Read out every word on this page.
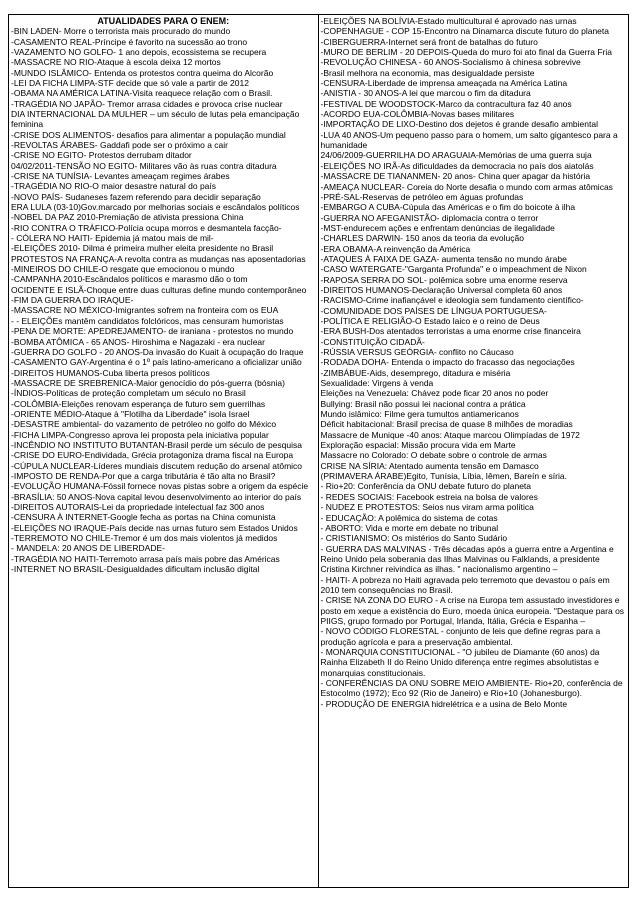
ATUALIDADES PARA O ENEM:

-BIN LADEN- Morre o terrorista mais procurado do mundo

-CASAMENTO REAL-Príncipe é favorito na sucessão ao trono

-VAZAMENTO NO GOLFO- 1 ano depois, ecossistema se recupera

-MASSACRE NO RIO-Ataque à escola deixa 12 mortos

-MUNDO ISLÂMICO- Entenda os protestos contra queima do Alcorão

-LEI DA FICHA LIMPA-STF decide que só vale a partir de 2012

-OBAMA NA AMÉRICA LATINA-Visita reaquece relação com o Brasil.

-TRAGÉDIA NO JAPÃO- Tremor arrasa cidades e provoca crise nuclear

DIA INTERNACIONAL DA MULHER – um século de lutas pela emancipação feminina

-CRISE DOS ALIMENTOS- desafios para alimentar a população mundial

-REVOLTAS ÁRABES- Gaddafi pode ser o próximo a cair

-CRISE NO EGITO- Protestos derrubam ditador

04/02/2011-TENSÃO NO EGITO- Militares vão às ruas contra ditadura

-CRISE NA TUNÍSIA- Levantes ameaçam regimes árabes

-TRAGÉDIA NO RIO-O maior desastre natural do país

-NOVO PAÍS- Sudaneses fazem referendo para decidir separação

ERA LULA (03-10)Gov.marcado por melhorias sociais e escândalos políticos

-NOBEL DA PAZ 2010-Premiação de ativista pressiona China

-RIO CONTRA O TRÁFICO-Polícia ocupa morros e desmantela facção-

- CÓLERA NO HAITI- Epidemia já matou mais de mil-

-ELEIÇÕES 2010- Dilma é primeira mulher eleita presidente no Brasil

PROTESTOS NA FRANÇA-A revolta contra as mudanças nas aposentadorias

-MINEIROS DO CHILE-O resgate que emocionou o mundo

-CAMPANHA 2010-Escândalos políticos e marasmo dão o tom

OCIDENTE E ISLÃ-Choque entre duas culturas define mundo contemporâneo

-FIM DA GUERRA DO IRAQUE-

-MASSACRE NO MÉXICO-Imigrantes sofrem na fronteira com os EUA

- - ELEIÇÕEs mantêm candidatos folclóricos, mas censuram humoristas

-PENA DE MORTE: APEDREJAMENTO- de iraniana - protestos no mundo

-BOMBA ATÔMICA - 65 ANOS- Hiroshima e Nagazaki - era nuclear

-GUERRA DO GOLFO - 20 ANOS-Da invasão do Kuait à ocupação do Iraque

-CASAMENTO GAY-Argentina é o 1º país latino-americano a oficializar união

-DIREITOS HUMANOS-Cuba liberta presos políticos

-MASSACRE DE SREBRENICA-Maior genocídio do pós-guerra (bósnia)

-ÍNDIOS-Políticas de proteção completam um século no Brasil

-COLÔMBIA-Eleições renovam esperança de futuro sem guerrilhas

-ORIENTE MÉDIO-Ataque à "Flotilha da Liberdade" isola Israel

-DESASTRE ambiental- do vazamento de petróleo no golfo do México

-FICHA LIMPA-Congresso aprova lei proposta pela iniciativa popular

-INCÊNDIO NO INSTITUTO BUTANTAN-Brasil perde um século de pesquisa

-CRISE DO EURO-Endividada, Grécia protagoniza drama fiscal na Europa

-CÚPULA NUCLEAR-Líderes mundiais discutem redução do arsenal atômico

-IMPOSTO DE RENDA-Por que a carga tributária é tão alta no Brasil?

-EVOLUÇÃO HUMANA-Fóssil fornece novas pistas sobre a origem da espécie

-BRASÍLIA: 50 ANOS-Nova capital levou desenvolvimento ao interior do país

-DIREITOS AUTORAIS-Lei da propriedade intelectual faz 300 anos

-CENSURA À INTERNET-Google fecha as portas na China comunista

-ELEIÇÕES NO IRAQUE-País decide nas urnas futuro sem Estados Unidos

-TERREMOTO NO CHILE-Tremor é um dos mais violentos já medidos

- MANDELA: 20 ANOS DE LIBERDADE-

-TRAGÉDIA NO HAITI-Terremoto arrasa país mais pobre das Américas

-INTERNET NO BRASIL-Desigualdades dificultam inclusão digital

-ELEIÇÕES NA BOLÍVIA-Estado multicultural é aprovado nas urnas

-COPENHAGUE - COP 15-Encontro na Dinamarca discute futuro do planeta

-CIBERGUERRA-Internet será front de batalhas do futuro

-MURO DE BERLIM - 20 DEPOIS-Queda do muro foi ato final da Guerra Fria

-REVOLUÇÃO CHINESA - 60 ANOS-Socialismo à chinesa sobrevive

-Brasil melhora na economia, mas desigualdade persiste

-CENSURA-Liberdade de imprensa ameaçada na América Latina

-ANISTIA - 30 ANOS-A lei que marcou o fim da ditadura

-FESTIVAL DE WOODSTOCK-Marco da contracultura faz 40 anos

-ACORDO EUA-COLÔMBIA-Novas bases militares

-IMPORTAÇÃO DE LIXO-Destino dos dejetos é grande desafio ambiental

-LUA 40 ANOS-Um pequeno passo para o homem, um salto gigantesco para a humanidade

24/06/2009-GUERRILHA DO ARAGUAIA-Memórias de uma guerra suja

-ELEIÇÕES NO IRÃ-As dificuldades da democracia no país dos aiatolás

-MASSACRE DE TIANANMEN- 20 anos- China quer apagar da história

-AMEAÇA NUCLEAR- Coreia do Norte desafia o mundo com armas atômicas

-PRÉ-SAL-Reservas de petróleo em águas profundas

-EMBARGO A CUBA-Cúpula das Américas e o fim do boicote à ilha

-GUERRA NO AFEGANISTÃO- diplomacia contra o terror

-MST-endurecem ações e enfrentam denúncias de ilegalidade

-CHARLES DARWIN- 150 anos da teoria da evolução

-ERA OBAMA-A reinvenção da América

-ATAQUES À FAIXA DE GAZA- aumenta tensão no mundo árabe

-CASO WATERGATE-"Garganta Profunda" e o impeachment de Nixon

-RAPOSA SERRA DO SOL- polêmica sobre uma enorme reserva

-DIREITOS HUMANOS-Declaração Universal completa 60 anos

-RACISMO-Crime inafiançável e ideologia sem fundamento científico-

-COMUNIDADE DOS PAÍSES DE LÍNGUA PORTUGUESA-

-POLÍTICA E RELIGIÃO-O Estado laico e o reino de Deus

-ERA BUSH-Dos atentados terroristas a uma enorme crise financeira

-CONSTITUIÇÃO CIDADÃ-

-RÚSSIA VERSUS GEÓRGIA- conflito no Cáucaso

-RODADA DOHA- Entenda o impacto do fracasso das negociações

-ZIMBÁBUE-Aids, desemprego, ditadura e miséria

Sexualidade: Virgens à venda

Eleições na Venezuela: Chávez pode ficar 20 anos no poder

Bullying: Brasil não possui lei nacional contra a prática

Mundo islâmico: Filme gera tumultos antiamericanos

Déficit habitacional: Brasil precisa de quase 8 milhões de moradias

Massacre de Munique -40 anos: Ataque marcou Olimpíadas de 1972

Exploração espacial: Missão procura vida em Marte

Massacre no Colorado: O debate sobre o controle de armas

CRISE NA SÍRIA: Atentado aumenta tensão em Damasco

(PRIMAVERA ÁRABE)Egito, Tunísia, Líbia, Iêmen, Bareín e síria.

- Rio+20: Conferência da ONU debate futuro do planeta

- REDES SOCIAIS: Facebook estreia na bolsa de valores

- NUDEZ E PROTESTOS: Seios nus viram arma política

- EDUCAÇÃO: A polêmica do sistema de cotas

- ABORTO: Vida e morte em debate no tribunal

- CRISTIANISMO: Os mistérios do Santo Sudário

- GUERRA DAS MALVINAS - Três décadas após a guerra entre a Argentina e Reino Unido pela soberania das Ilhas Malvinas ou Falklands, a presidente Cristina Kirchner reivindica as ilhas. " nacionalismo argentino –

- HAITI- A pobreza no Haiti agravada pelo terremoto que devastou o país em 2010 tem consequências no Brasil.

- CRISE NA ZONA DO EURO - A crise na Europa tem assustado investidores e posto em xeque a existência do Euro, moeda única europeia. "Destaque para os PIIGS, grupo formado por Portugal, Irlanda, Itália, Grécia e Espanha –

- NOVO CÓDIGO FLORESTAL - conjunto de leis que define regras para a produção agrícola e para a preservação ambiental.

- MONARQUIA CONSTITUCIONAL - "O jubileu de Diamante (60 anos) da Rainha Elizabeth II do Reino Unido diferença entre regimes absolutistas e monarquias constitucionais.

- CONFERÊNCIAS DA ONU SOBRE MEIO AMBIENTE- Rio+20, conferência de Estocolmo (1972); Eco 92 (Rio de Janeiro) e Rio+10 (Johanesburgo).

- PRODUÇÃO DE ENERGIA hidrelétrica e a usina de Belo Monte
